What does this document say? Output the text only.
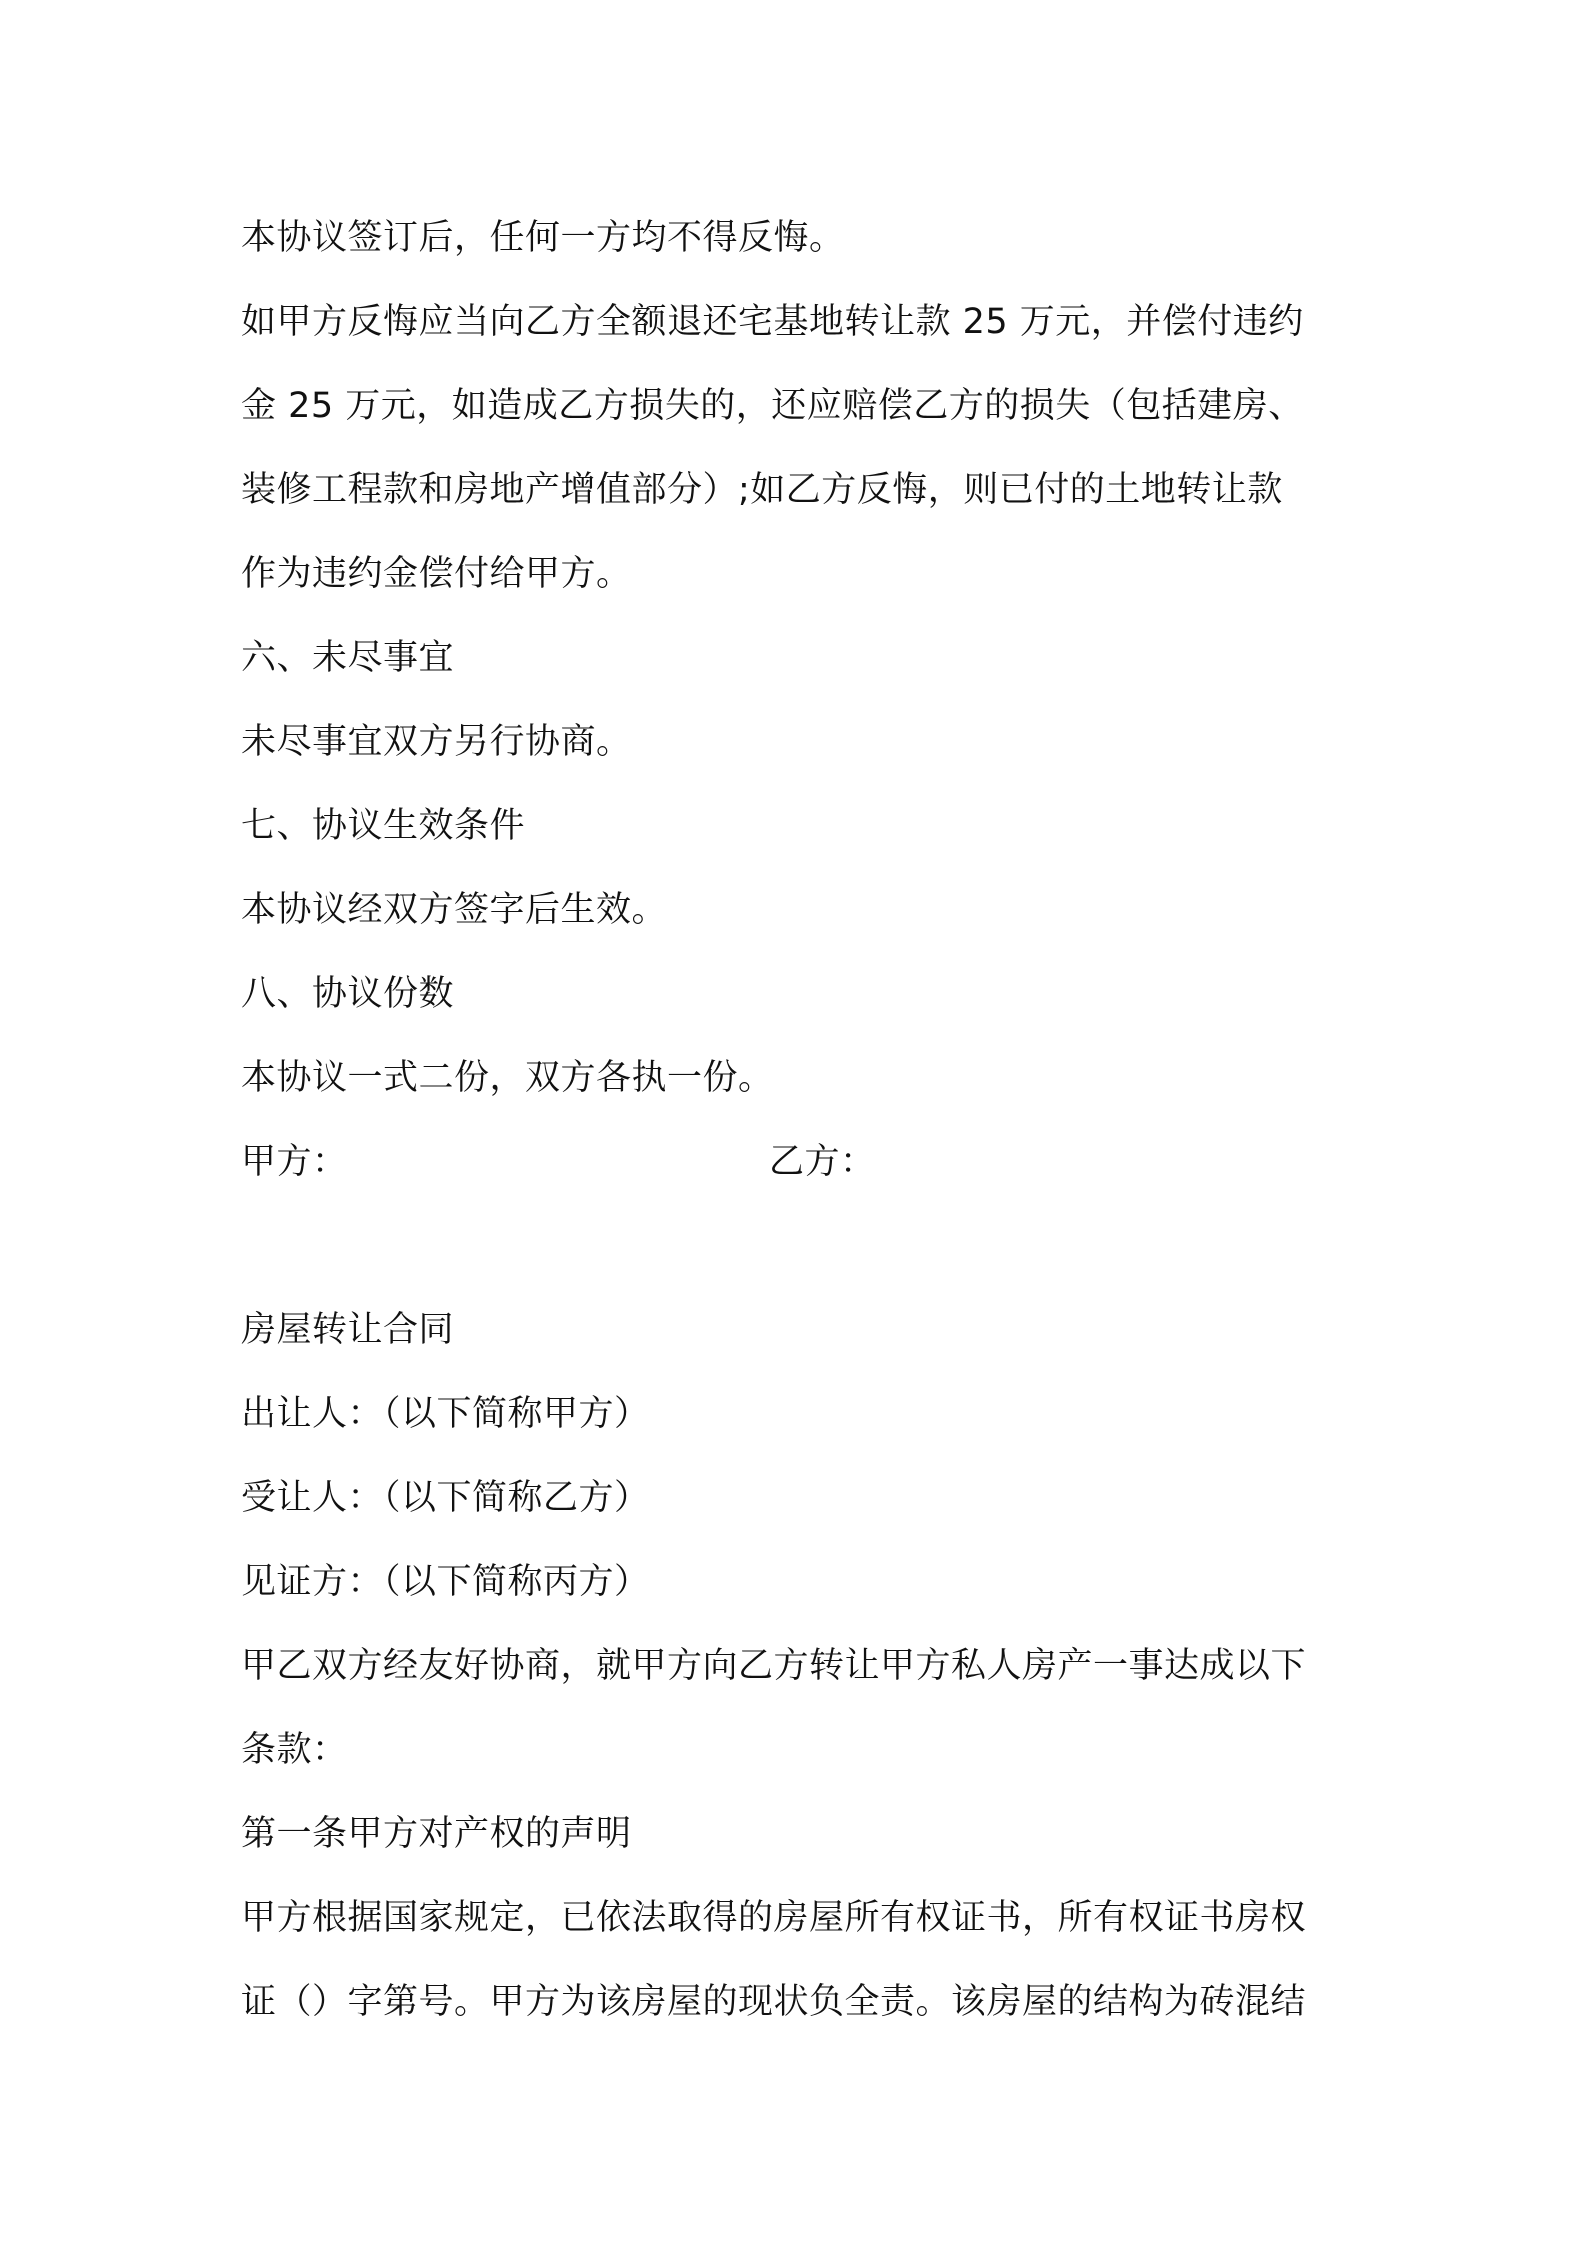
本协议签订后，任何一方均不得反悔。
如甲方反悔应当向乙方全额退还宅基地转让款 25 万元，并偿付违约
金 25 万元，如造成乙方损失的，还应赔偿乙方的损失（包括建房、
装修工程款和房地产增值部分）;如乙方反悔，则已付的土地转让款
作为违约金偿付给甲方。
六、未尽事宜
未尽事宜双方另行协商。
七、协议生效条件
本协议经双方签字后生效。
八、协议份数
本协议一式二份，双方各执一份。
甲方：	乙方：
房屋转让合同
出让人：（以下简称甲方）
受让人：（以下简称乙方）
见证方：（以下简称丙方）
甲乙双方经友好协商，就甲方向乙方转让甲方私人房产一事达成以下
条款：
第一条甲方对产权的声明
甲方根据国家规定，已依法取得的房屋所有权证书，所有权证书房权
证（）字第号。甲方为该房屋的现状负全责。该房屋的结构为砖混结
